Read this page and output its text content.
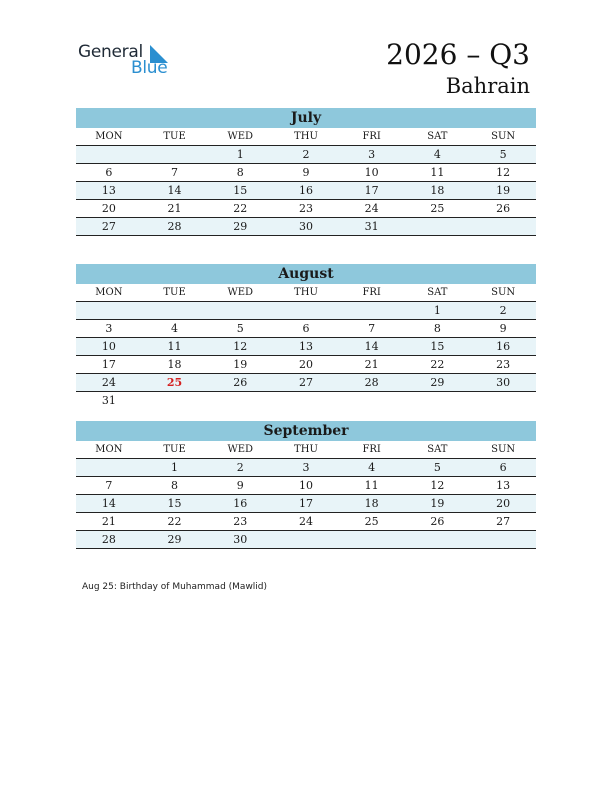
General
Blue	2026 – Q3
Bahrain
July
MON	TUE	WED	THU	FRI	SAT	SUN
		1	2	3	4	5
6	7	8	9	10	11	12
13	14	15	16	17	18	19
20	21	22	23	24	25	26
27	28	29	30	31		
August
MON	TUE	WED	THU	FRI	SAT	SUN
					1	2
3	4	5	6	7	8	9
10	11	12	13	14	15	16
17	18	19	20	21	22	23
24	25	26	27	28	29	30
31						
September
MON	TUE	WED	THU	FRI	SAT	SUN
	1	2	3	4	5	6
7	8	9	10	11	12	13
14	15	16	17	18	19	20
21	22	23	24	25	26	27
28	29	30				
Aug 25: Birthday of Muhammad (Mawlid)
